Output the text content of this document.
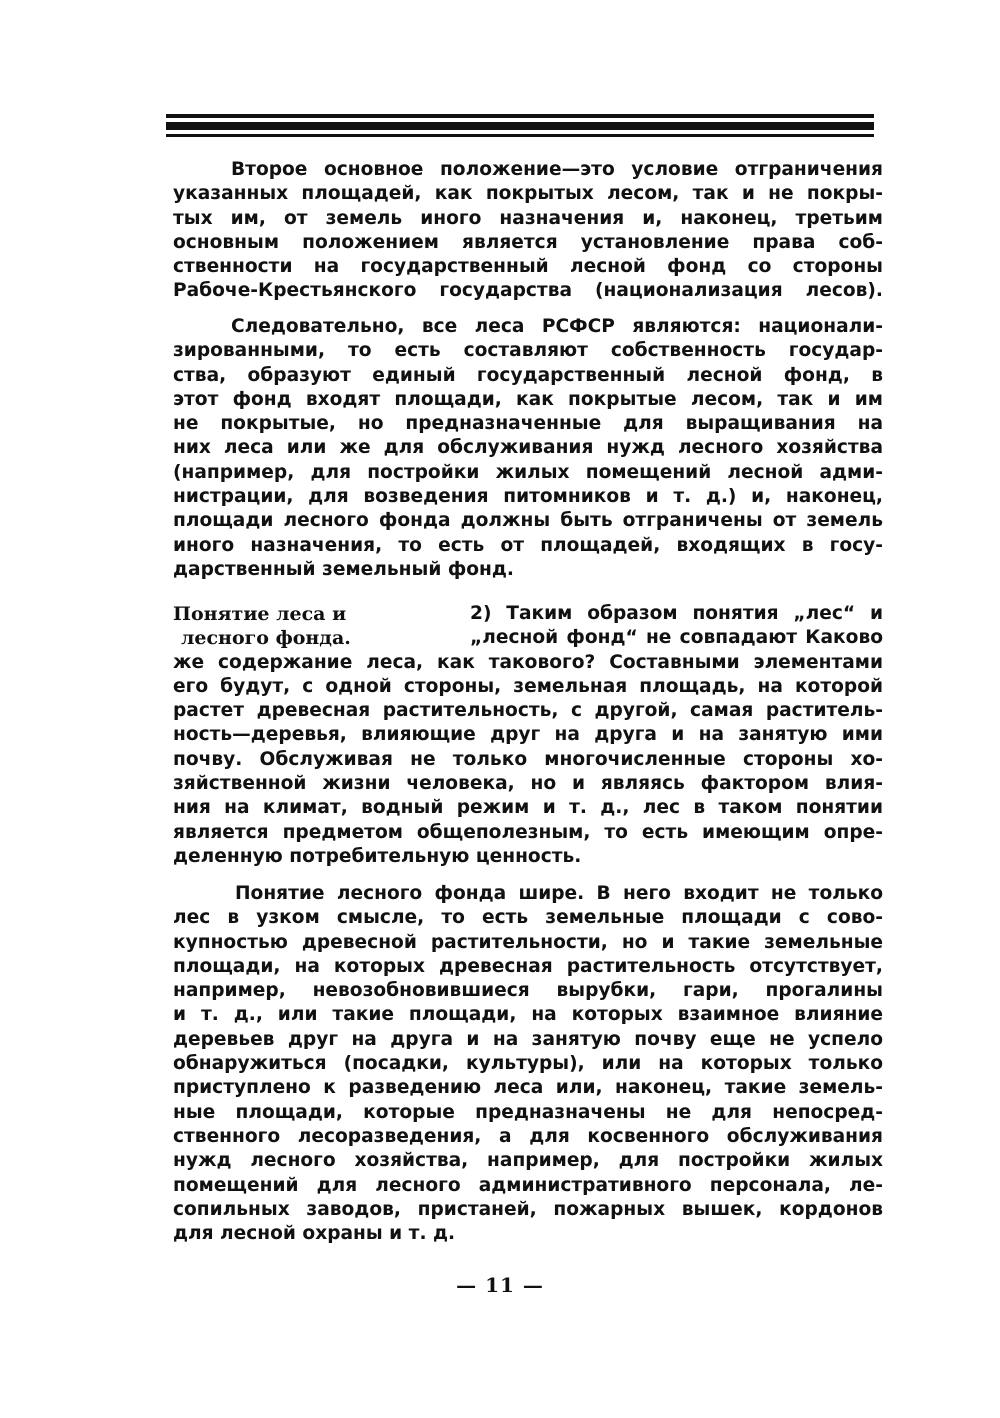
Второе основное положение—это условие отграничения
указанных площадей, как покрытых лесом, так и не покры-
тых им, от земель иного назначения и, наконец, третьим
основным положением является установление права соб-
ственности на государственный лесной фонд со стороны
Рабоче-Крестьянского государства (национализация лесов).
Следовательно, все леса РСФСР являются: национали-
зированными, то есть составляют собственность государ-
ства, образуют единый государственный лесной фонд, в
этот фонд входят площади, как покрытые лесом, так и им
не покрытые, но предназначенные для выращивания на
них леса или же для обслуживания нужд лесного хозяйства
(например, для постройки жилых помещений лесной адми-
нистрации, для возведения питомников и т. д.) и, наконец,
площади лесного фонда должны быть отграничены от земель
иного назначения, то есть от площадей, входящих в госу-
дарственный земельный фонд.
Понятие леса и
лесного фонда.
2) Таким образом понятия „лес“ и
„лесной фонд“ не совпадают Каково
же содержание леса, как такового? Составными элементами
его будут, с одной стороны, земельная площадь, на которой
растет древесная растительность, с другой, самая раститель-
ность—деревья, влияющие друг на друга и на занятую ими
почву. Обслуживая не только многочисленные стороны хо-
зяйственной жизни человека, но и являясь фактором влия-
ния на климат, водный режим и т. д., лес в таком понятии
является предметом общеполезным, то есть имеющим опре-
деленную потребительную ценность.
Понятие лесного фонда шире. В него входит не только
лес в узком смысле, то есть земельные площади с сово-
купностью древесной растительности, но и такие земельные
площади, на которых древесная растительность отсутствует,
например, невозобновившиеся вырубки, гари, прогалины
и т. д., или такие площади, на которых взаимное влияние
деревьев друг на друга и на занятую почву еще не успело
обнаружиться (посадки, культуры), или на которых только
приступлено к разведению леса или, наконец, такие земель-
ные площади, которые предназначены не для непосред-
ственного лесоразведения, а для косвенного обслуживания
нужд лесного хозяйства, например, для постройки жилых
помещений для лесного административного персонала, ле-
сопильных заводов, пристаней, пожарных вышек, кордонов
для лесной охраны и т. д.
— 11 —
